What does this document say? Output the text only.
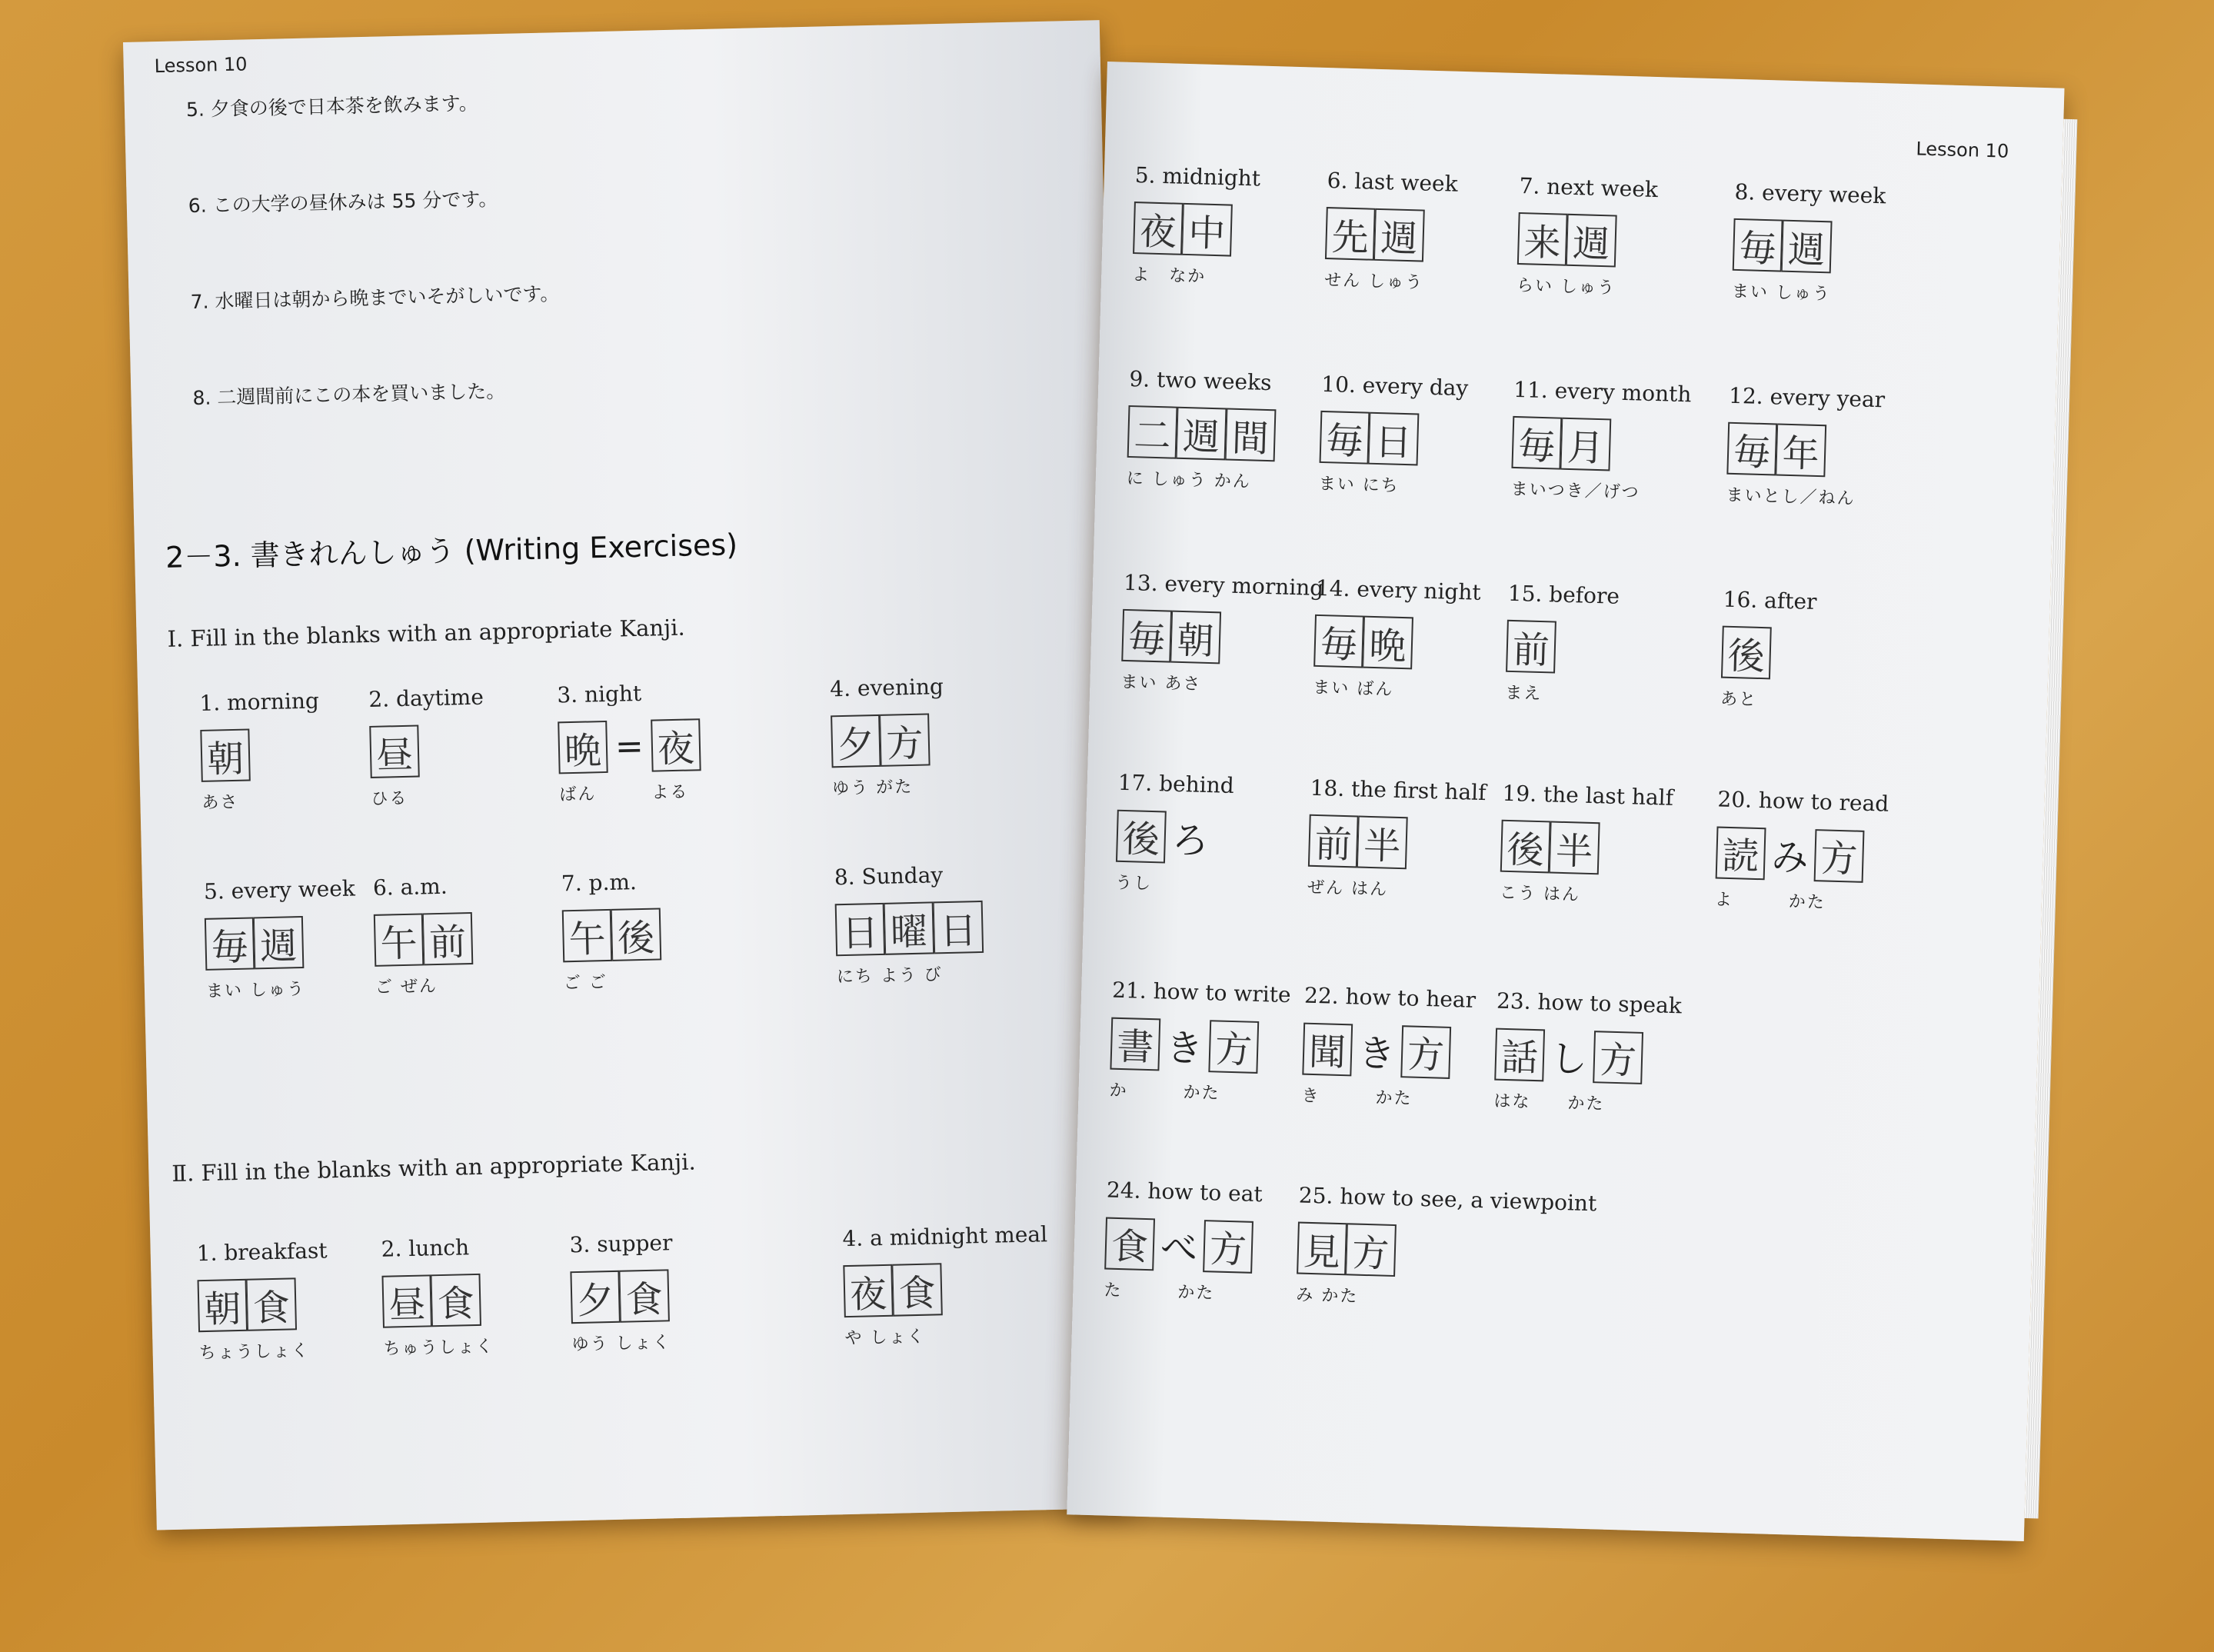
Lesson 10
5. 夕食の後で日本茶を飲みます。
6. この大学の昼休みは 55 分です。
7. 水曜日は朝から晩までいそがしいです。
8. 二週間前にこの本を買いました。
2－3. 書きれんしゅう (Writing Exercises)
Ⅰ. Fill in the blanks with an appropriate Kanji.
1. morning
朝
あさ
2. daytime
昼
ひる
3. night
晩 = 夜
ばん　　　よる
4. evening
夕 方
ゆう がた
5. every week
毎 週
まい しゅう
6. a.m.
午 前
ご ぜん
7. p.m.
午 後
ご ご
8. Sunday
日 曜 日
にち よう び
Ⅱ. Fill in the blanks with an appropriate Kanji.
1. breakfast
朝 食
ちょうしょく
2. lunch
昼 食
ちゅうしょく
3. supper
夕 食
ゆう しょく
4. a midnight meal
夜 食
や しょく
Lesson 10
5. midnight
夜 中
よ　なか
6. last week
先 週
せん しゅう
7. next week
来 週
らい しゅう
8. every week
毎 週
まい しゅう
9. two weeks
二 週 間
に しゅう かん
10. every day
毎 日
まい にち
11. every month
毎 月
まいつき／げつ
12. every year
毎 年
まいとし／ねん
13. every morning
毎 朝
まい あさ
14. every night
毎 晩
まい ばん
15. before
前
まえ
16. after
後
あと
17. behind
後 ろ
うし
18. the first half
前 半
ぜん はん
19. the last half
後 半
こう はん
20. how to read
読 み 方
よ　　　かた
21. how to write
書 き 方
か　　　かた
22. how to hear
聞 き 方
き　　　かた
23. how to speak
話 し 方
はな　　かた
24. how to eat
食 べ 方
た　　　かた
25. how to see, a viewpoint
見 方
み かた
